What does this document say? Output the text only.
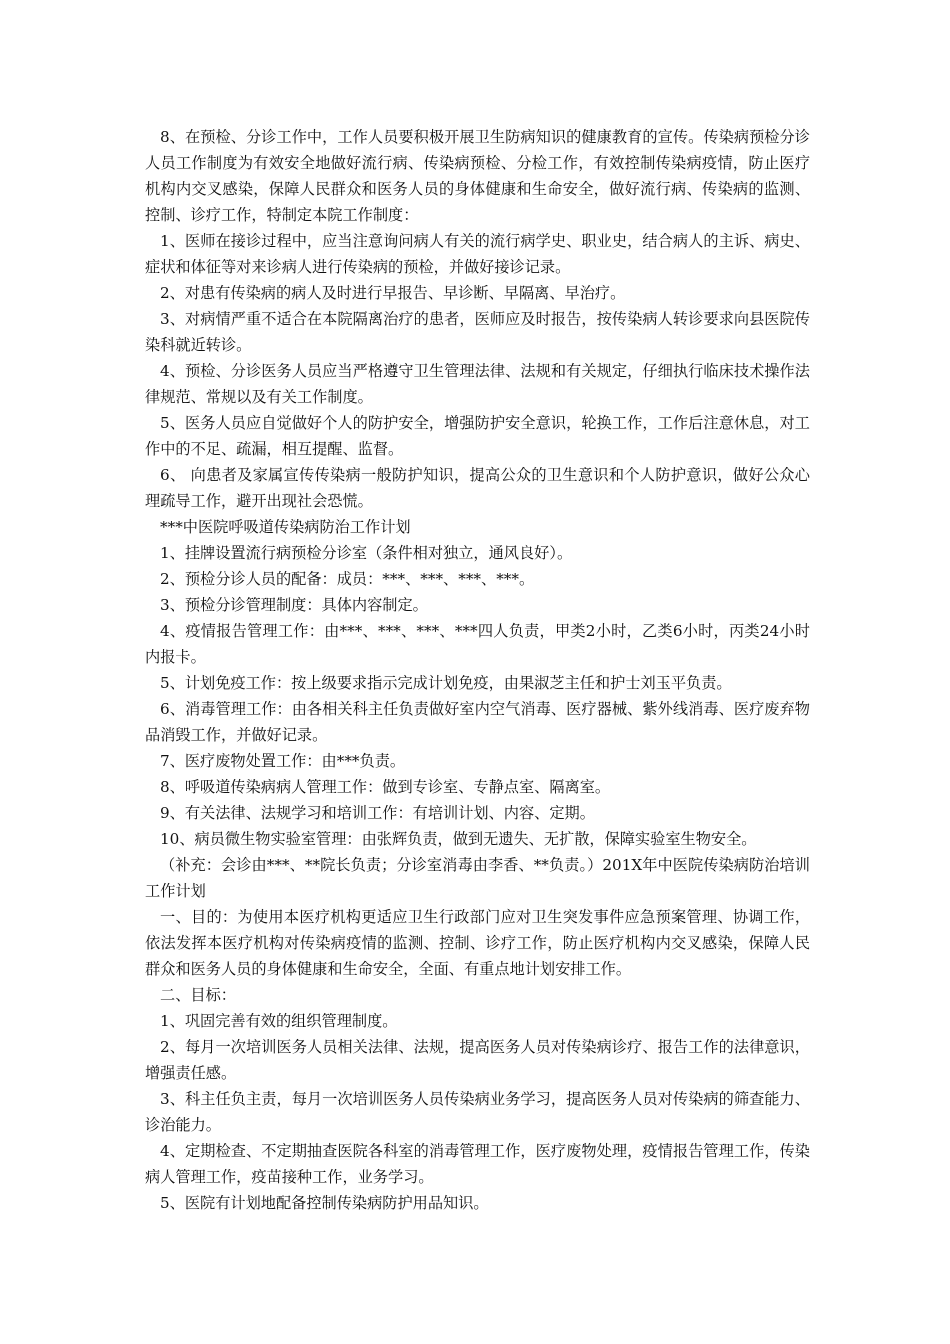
8、在预检、分诊工作中，工作人员要积极开展卫生防病知识的健康教育的宣传。传染病预检分诊人员工作制度为有效安全地做好流行病、传染病预检、分检工作，有效控制传染病疫情，防止医疗机构内交叉感染，保障人民群众和医务人员的身体健康和生命安全，做好流行病、传染病的监测、控制、诊疗工作，特制定本院工作制度：

1、医师在接诊过程中，应当注意询问病人有关的流行病学史、职业史，结合病人的主诉、病史、症状和体征等对来诊病人进行传染病的预检，并做好接诊记录。

2、对患有传染病的病人及时进行早报告、早诊断、早隔离、早治疗。

3、对病情严重不适合在本院隔离治疗的患者，医师应及时报告，按传染病人转诊要求向县医院传染科就近转诊。

4、预检、分诊医务人员应当严格遵守卫生管理法律、法规和有关规定，仔细执行临床技术操作法律规范、常规以及有关工作制度。

5、医务人员应自觉做好个人的防护安全，增强防护安全意识，轮换工作，工作后注意休息，对工作中的不足、疏漏，相互提醒、监督。

6、 向患者及家属宣传传染病一般防护知识，提高公众的卫生意识和个人防护意识，做好公众心理疏导工作，避开出现社会恐慌。

***中医院呼吸道传染病防治工作计划

1、挂牌设置流行病预检分诊室（条件相对独立，通风良好）。

2、预检分诊人员的配备：成员：***、***、***、***。

3、预检分诊管理制度：具体内容制定。

4、疫情报告管理工作：由***、***、***、***四人负责，甲类2小时，乙类6小时，丙类24小时内报卡。

5、计划免疫工作：按上级要求指示完成计划免疫，由果淑芝主任和护士刘玉平负责。

6、消毒管理工作：由各相关科主任负责做好室内空气消毒、医疗器械、紫外线消毒、医疗废弃物品消毁工作，并做好记录。

7、医疗废物处置工作：由***负责。

8、呼吸道传染病病人管理工作：做到专诊室、专静点室、隔离室。

9、有关法律、法规学习和培训工作：有培训计划、内容、定期。

10、病员微生物实验室管理：由张辉负责，做到无遗失、无扩散，保障实验室生物安全。

（补充：会诊由***、**院长负责；分诊室消毒由李香、**负责。）201X年中医院传染病防治培训工作计划

一、目的：为使用本医疗机构更适应卫生行政部门应对卫生突发事件应急预案管理、协调工作，依法发挥本医疗机构对传染病疫情的监测、控制、诊疗工作，防止医疗机构内交叉感染，保障人民群众和医务人员的身体健康和生命安全，全面、有重点地计划安排工作。

二、目标：

1、巩固完善有效的组织管理制度。

2、每月一次培训医务人员相关法律、法规，提高医务人员对传染病诊疗、报告工作的法律意识，增强责任感。

3、科主任负主责，每月一次培训医务人员传染病业务学习，提高医务人员对传染病的筛查能力、诊治能力。

4、定期检查、不定期抽查医院各科室的消毒管理工作，医疗废物处理，疫情报告管理工作，传染病人管理工作，疫苗接种工作，业务学习。

5、医院有计划地配备控制传染病防护用品知识。
